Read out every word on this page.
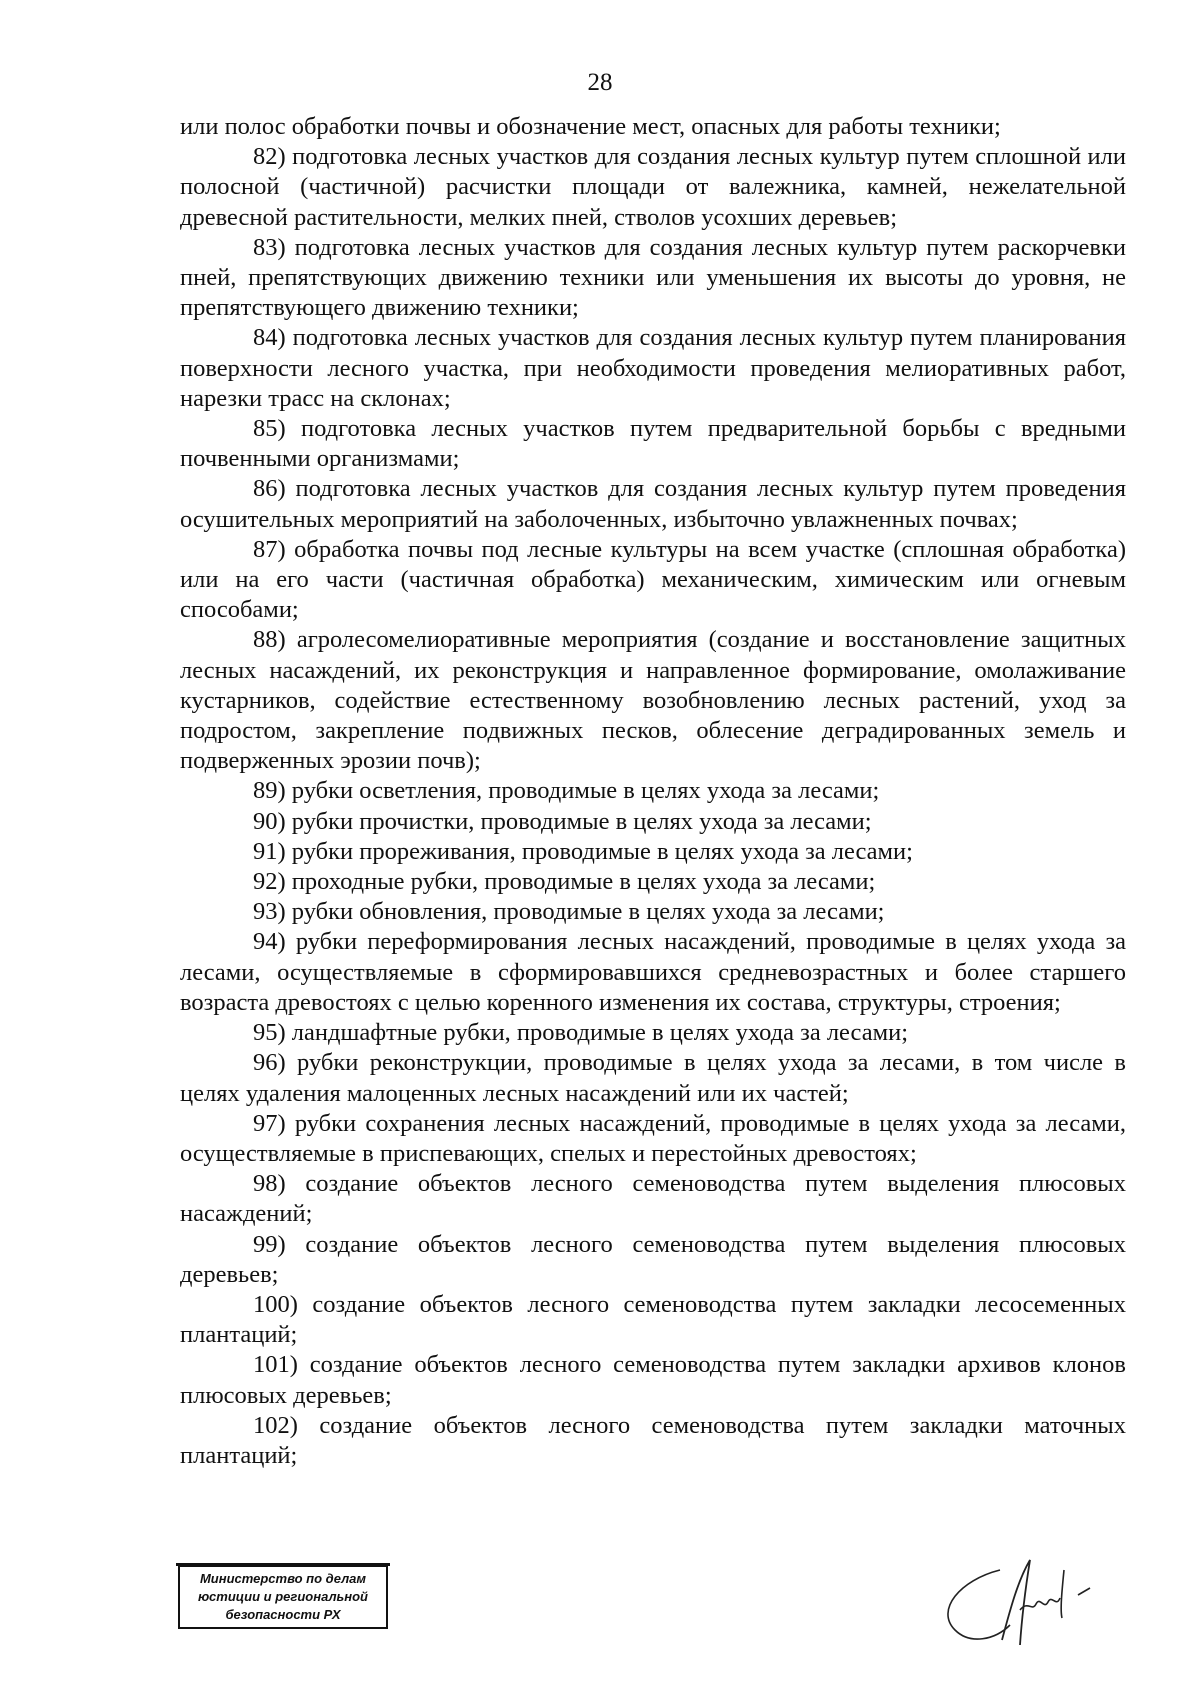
28

или полос обработки почвы и обозначение мест, опасных для работы техники;

82) подготовка лесных участков для создания лесных культур путем сплошной или полосной (частичной) расчистки площади от валежника, камней, нежелательной древесной растительности, мелких пней, стволов усохших деревьев;

83) подготовка лесных участков для создания лесных культур путем раскорчевки пней, препятствующих движению техники или уменьшения их высоты до уровня, не препятствующего движению техники;

84) подготовка лесных участков для создания лесных культур путем планирования поверхности лесного участка, при необходимости проведения мелиоративных работ, нарезки трасс на склонах;

85) подготовка лесных участков путем предварительной борьбы с вредными почвенными организмами;

86) подготовка лесных участков для создания лесных культур путем проведения осушительных мероприятий на заболоченных, избыточно увлажненных почвах;

87) обработка почвы под лесные культуры на всем участке (сплошная обработка) или на его части (частичная обработка) механическим, химическим или огневым способами;

88) агролесомелиоративные мероприятия (создание и восстановление защитных лесных насаждений, их реконструкция и направленное формирование, омолаживание кустарников, содействие естественному возобновлению лесных растений, уход за подростом, закрепление подвижных песков, облесение деградированных земель и подверженных эрозии почв);

89) рубки осветления, проводимые в целях ухода за лесами;

90) рубки прочистки, проводимые в целях ухода за лесами;

91) рубки прореживания, проводимые в целях ухода за лесами;

92) проходные рубки, проводимые в целях ухода за лесами;

93) рубки обновления, проводимые в целях ухода за лесами;

94) рубки переформирования лесных насаждений, проводимые в целях ухода за лесами, осуществляемые в сформировавшихся средневозрастных и более старшего возраста древостоях с целью коренного изменения их состава, структуры, строения;

95) ландшафтные рубки, проводимые в целях ухода за лесами;

96) рубки реконструкции, проводимые в целях ухода за лесами, в том числе в целях удаления малоценных лесных насаждений или их частей;

97) рубки сохранения лесных насаждений, проводимые в целях ухода за лесами, осуществляемые в приспевающих, спелых и перестойных древостоях;

98) создание объектов лесного семеноводства путем выделения плюсовых насаждений;

99) создание объектов лесного семеноводства путем выделения плюсовых деревьев;

100) создание объектов лесного семеноводства путем закладки лесосеменных плантаций;

101) создание объектов лесного семеноводства путем закладки архивов клонов плюсовых деревьев;

102) создание объектов лесного семеноводства путем закладки маточных плантаций;

Министерство по делам
юстиции и региональной
безопасности РХ
